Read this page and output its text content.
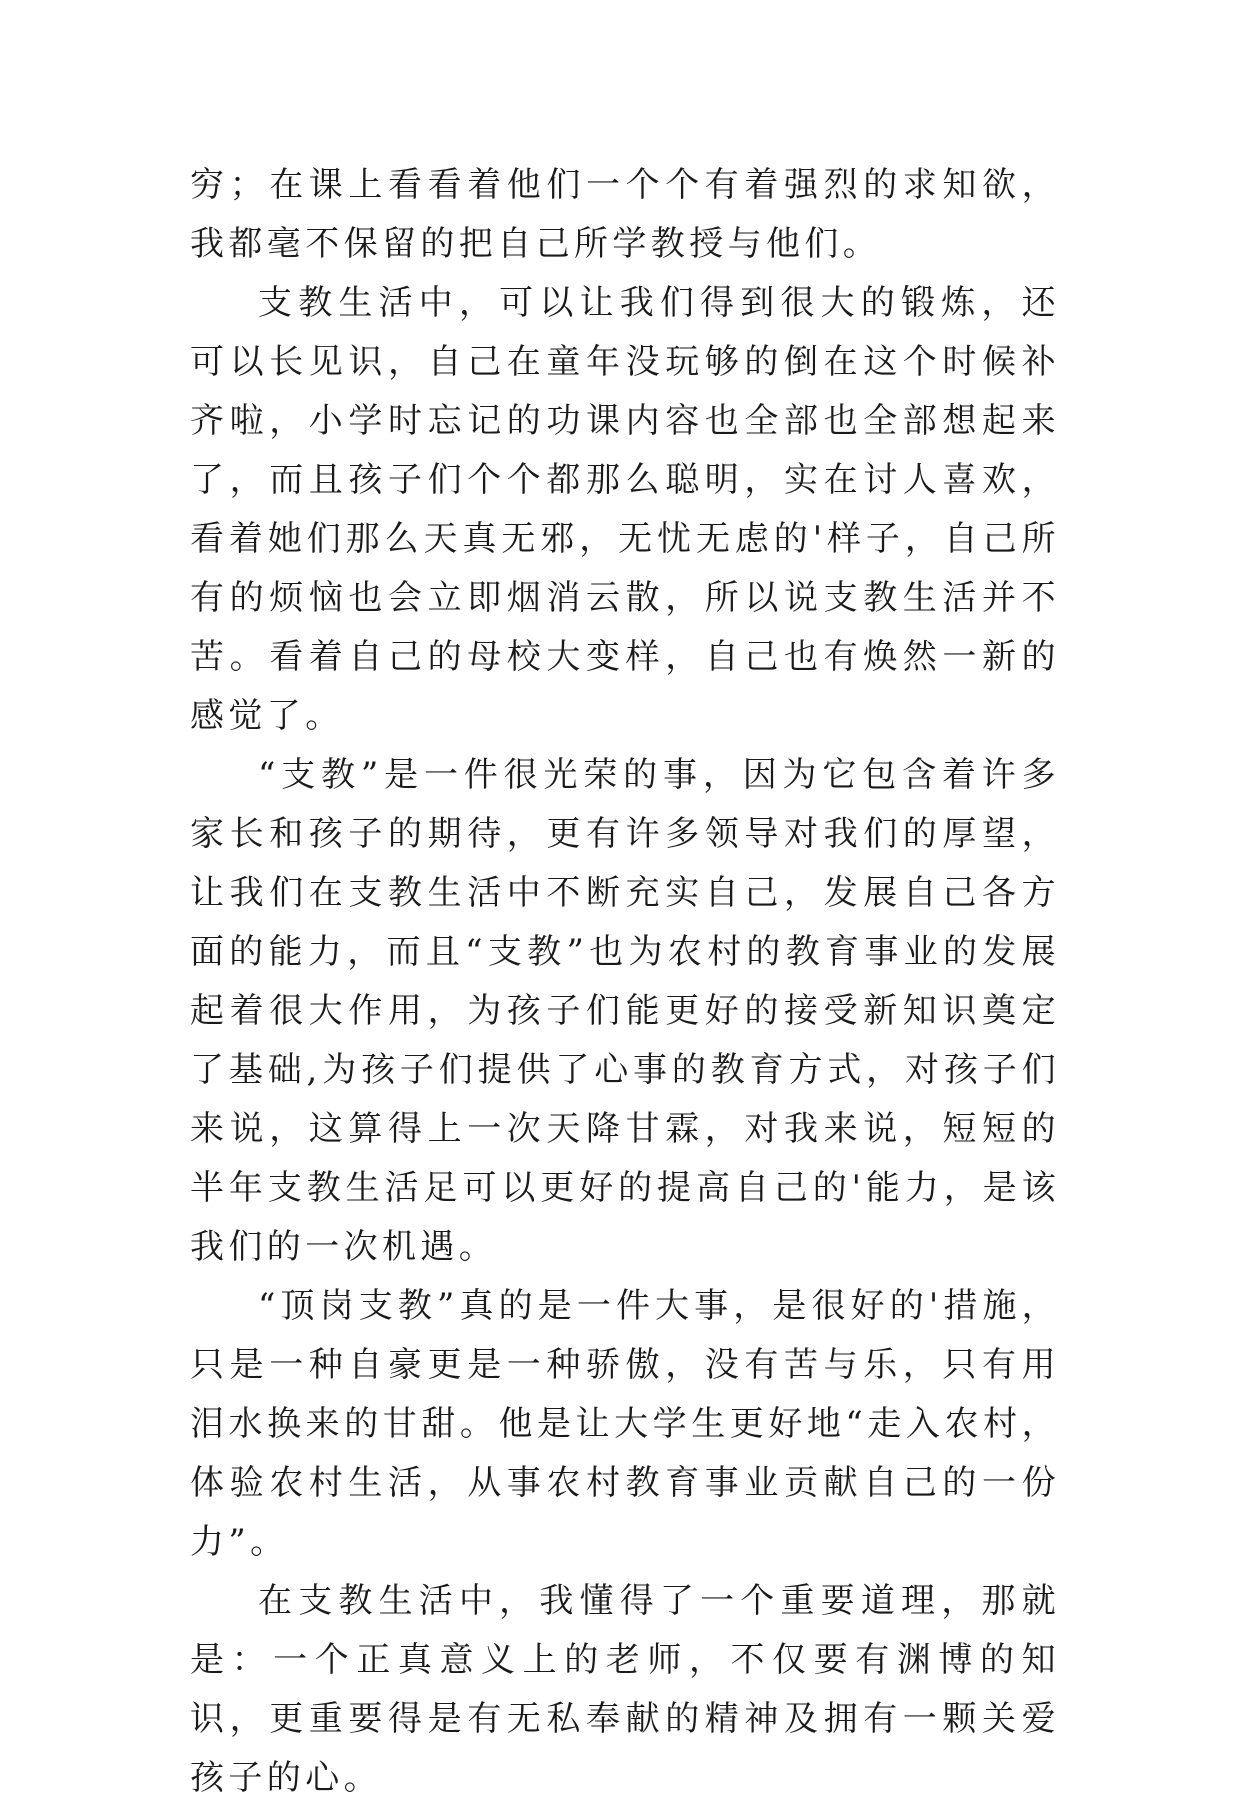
穷；在课上看看着他们一个个有着强烈的求知欲，我都毫不保留的把自己所学教授与他们。

支教生活中，可以让我们得到很大的锻炼，还可以长见识，自己在童年没玩够的倒在这个时候补齐啦，小学时忘记的功课内容也全部也全部想起来了，而且孩子们个个都那么聪明，实在讨人喜欢，看着她们那么天真无邪，无忧无虑的'样子，自己所有的烦恼也会立即烟消云散，所以说支教生活并不苦。看着自己的母校大变样，自己也有焕然一新的感觉了。

“支教”是一件很光荣的事，因为它包含着许多家长和孩子的期待，更有许多领导对我们的厚望，让我们在支教生活中不断充实自己，发展自己各方面的能力，而且“支教”也为农村的教育事业的发展起着很大作用，为孩子们能更好的接受新知识奠定了基础,为孩子们提供了心事的教育方式，对孩子们来说，这算得上一次天降甘霖，对我来说，短短的半年支教生活足可以更好的提高自己的'能力，是该我们的一次机遇。

“顶岗支教”真的是一件大事，是很好的'措施，只是一种自豪更是一种骄傲，没有苦与乐，只有用泪水换来的甘甜。他是让大学生更好地“走入农村，体验农村生活，从事农村教育事业贡献自己的一份力”。

在支教生活中，我懂得了一个重要道理，那就是：一个正真意义上的老师，不仅要有渊博的知识，更重要得是有无私奉献的精神及拥有一颗关爱孩子的心。
